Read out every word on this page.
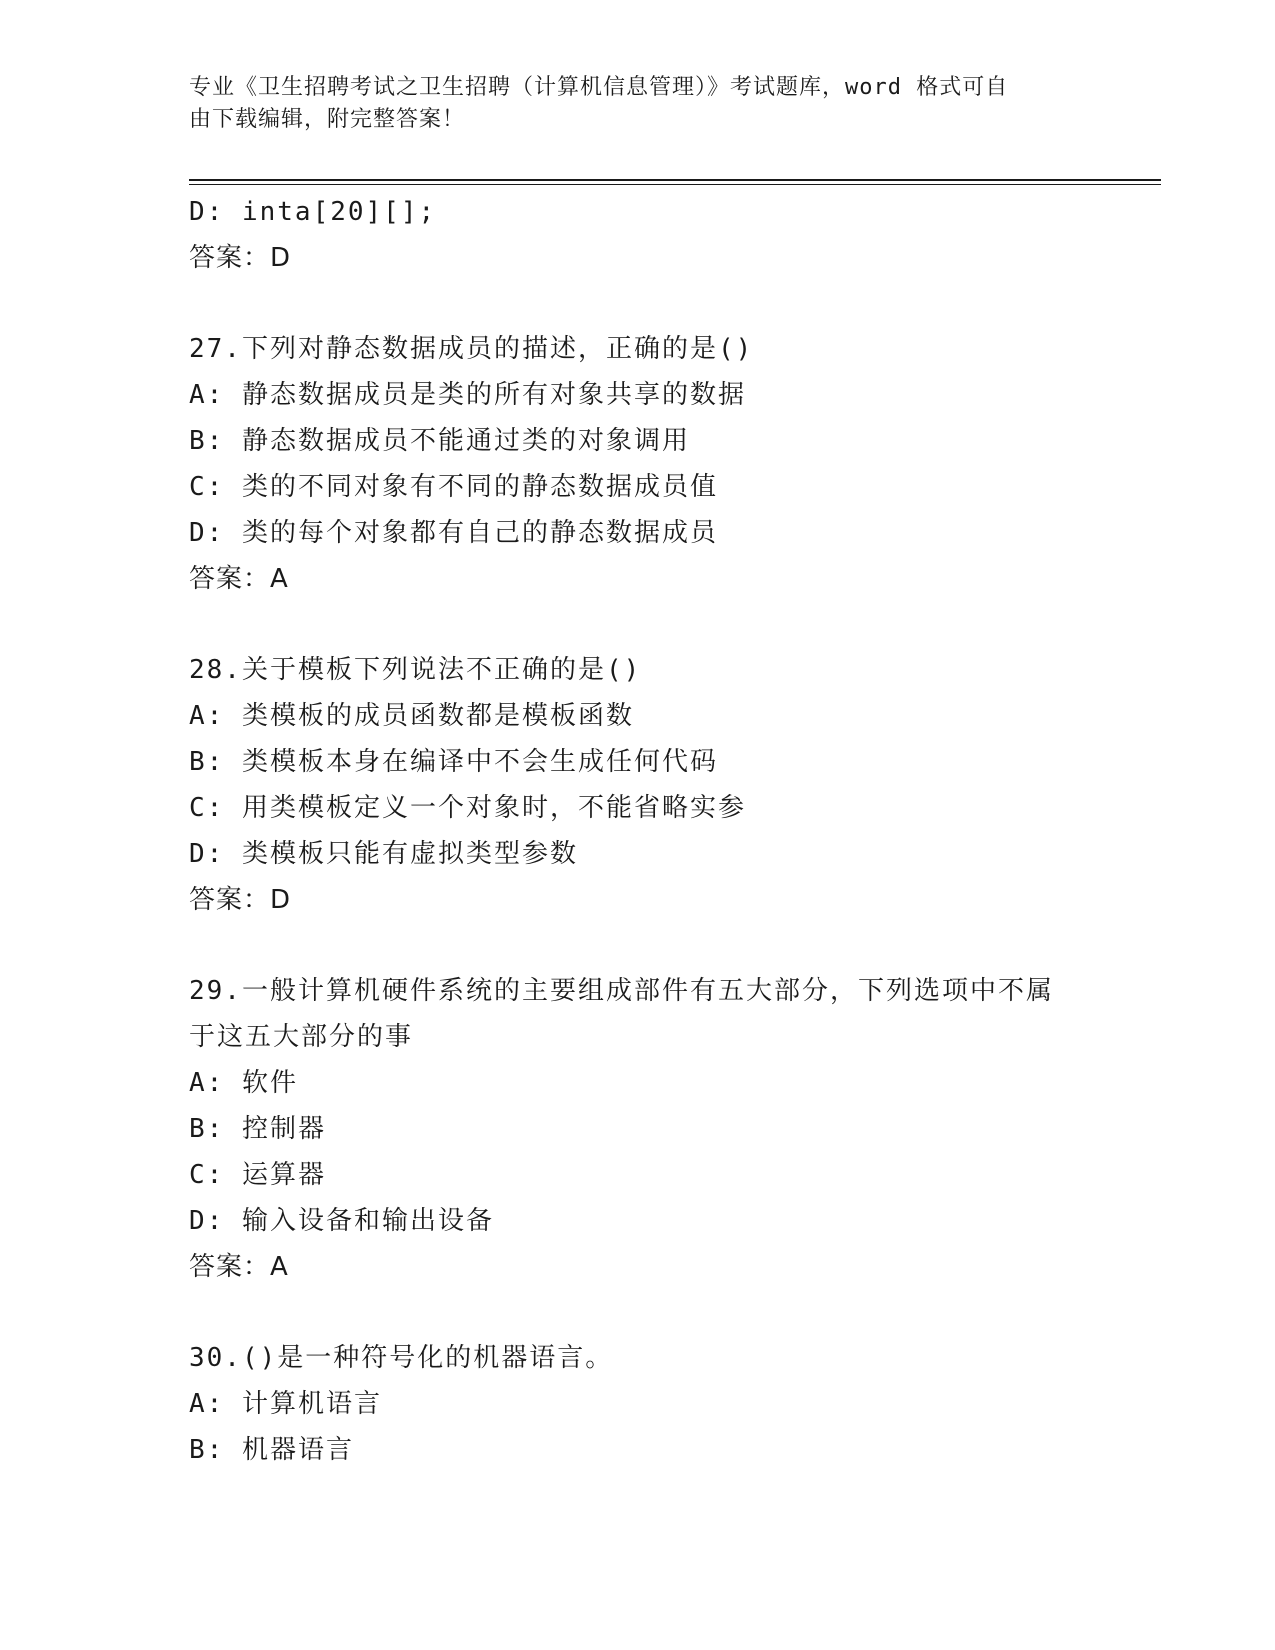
专业《卫生招聘考试之卫生招聘（计算机信息管理）》考试题库，word 格式可自
由下载编辑，附完整答案！
D: inta[20][];
答案：D
27.下列对静态数据成员的描述，正确的是()
A: 静态数据成员是类的所有对象共享的数据
B: 静态数据成员不能通过类的对象调用
C: 类的不同对象有不同的静态数据成员值
D: 类的每个对象都有自己的静态数据成员
答案：A
28.关于模板下列说法不正确的是()
A: 类模板的成员函数都是模板函数
B: 类模板本身在编译中不会生成任何代码
C: 用类模板定义一个对象时，不能省略实参
D: 类模板只能有虚拟类型参数
答案：D
29.一般计算机硬件系统的主要组成部件有五大部分，下列选项中不属
于这五大部分的事
A: 软件
B: 控制器
C: 运算器
D: 输入设备和输出设备
答案：A
30.()是一种符号化的机器语言。
A: 计算机语言
B: 机器语言
